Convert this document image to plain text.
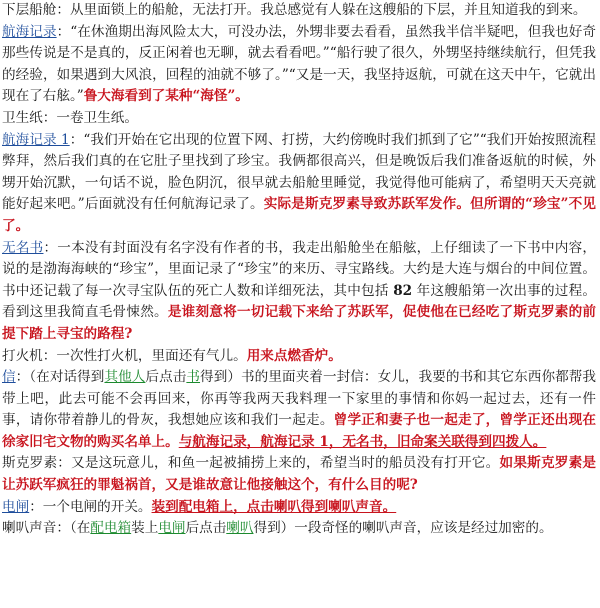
下层船舱：从里面锁上的船舱，无法打开。我总感觉有人躲在这艘船的下层，并且知道我的到来。

航海记录：“在休渔期出海风险太大，可没办法，外甥非要去看看，虽然我半信半疑吧，但我也好奇那些传说是不是真的，反正闲着也无聊，就去看看吧。”“船行驶了很久，外甥坚持继续航行，但凭我的经验，如果遇到大风浪，回程的油就不够了。”“又是一天，我坚持返航，可就在这天中午，它就出现在了右舷。”鲁大海看到了某种“海怪”。

卫生纸：一卷卫生纸。

航海记录 1：“我们开始在它出现的位置下网、打捞，大约傍晚时我们抓到了它”“我们开始按照流程弊拜，然后我们真的在它肚子里找到了珍宝。我俩都很高兴，但是晚饭后我们准备返航的时候，外甥开始沉默，一句话不说，脸色阴沉，很早就去船舱里睡觉，我觉得他可能病了，希望明天天亮就能好起来吧。”后面就没有任何航海记录了。实际是斯克罗素导致苏跃军发作。但所谓的“珍宝”不见了。

无名书：一本没有封面没有名字没有作者的书，我走出船舱坐在船舷，上仔细读了一下书中内容，说的是渤海海峡的“珍宝”，里面记录了“珍宝”的来历、寻宝路线。大约是大连与烟台的中间位置。书中还记载了每一次寻宝队伍的死亡人数和详细死法，其中包括 82 年这艘船第一次出事的过程。看到这里我简直毛骨悚然。是谁刻意将一切记载下来给了苏跃军，促使他在已经吃了斯克罗素的前提下踏上寻宝的路程?

打火机：一次性打火机，里面还有气儿。用来点燃香炉。

信：（在对话得到其他人后点击书得到）书的里面夹着一封信：女儿，我要的书和其它东西你都帮我带上吧，此去可能不会再回来，你再等我两天我料理一下家里的事情和你妈一起过去，还有一件事，请你带着静儿的骨灰，我想她应该和我们一起走。曾学正和妻子也一起走了，曾学正还出现在徐家旧宅文物的购买名单上。与航海记录，航海记录 1，无名书，旧命案关联得到四拨人。

斯克罗素：又是这玩意儿，和鱼一起被捕捞上来的，希望当时的船员没有打开它。如果斯克罗素是让苏跃军疯狂的罪魁祸首，又是谁故意让他接触这个，有什么目的呢?

电闸：一个电闸的开关。装到配电箱上，点击喇叭得到喇叭声音。

喇叭声音：（在配电箱装上电闸后点击喇叭得到）一段奇怪的喇叭声音，应该是经过加密的。
